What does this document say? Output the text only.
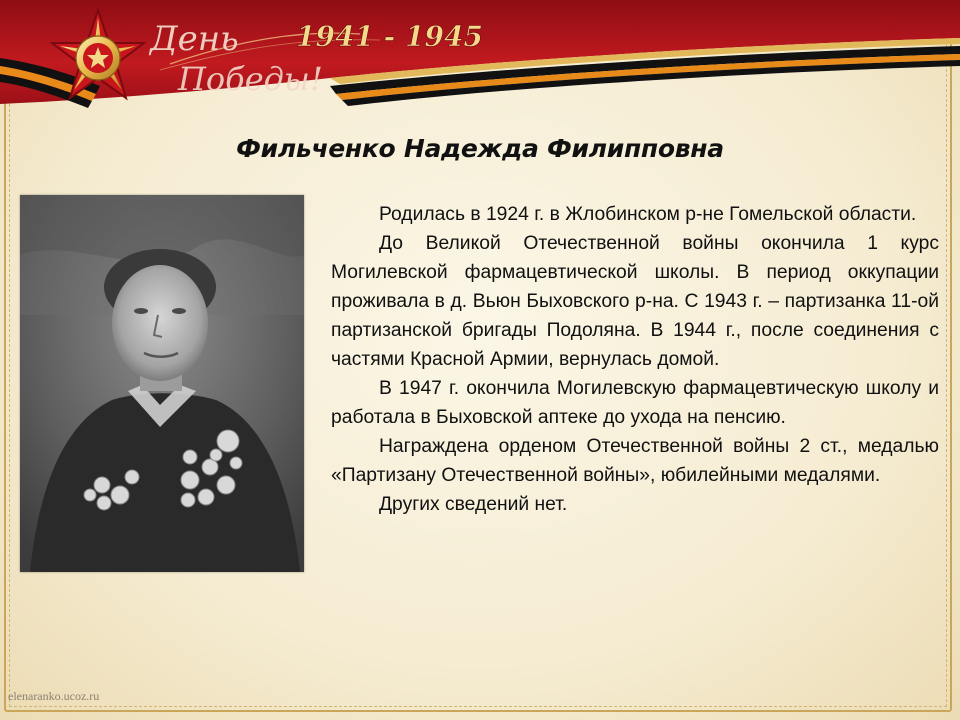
День
Победы!
1941 - 1945
Фильченко Надежда Филипповна

Родилась в 1924 г. в Жлобинском р-не Гомельской области.

До Великой Отечественной войны окончила 1 курс Могилевской фармацевтической школы. В период оккупации проживала в д. Вьюн Быховского р-на. С 1943 г. – партизанка 11-ой партизанской бригады Подоляна. В 1944 г., после соединения с частями Красной Армии, вернулась домой.

В 1947 г. окончила Могилевскую фармацевтическую школу и работала в Быховской аптеке до ухода на пенсию.

Награждена орденом Отечественной войны 2 ст., медалью «Партизану Отечественной войны», юбилейными медалями.

Других сведений нет.

elenaranko.ucoz.ru
